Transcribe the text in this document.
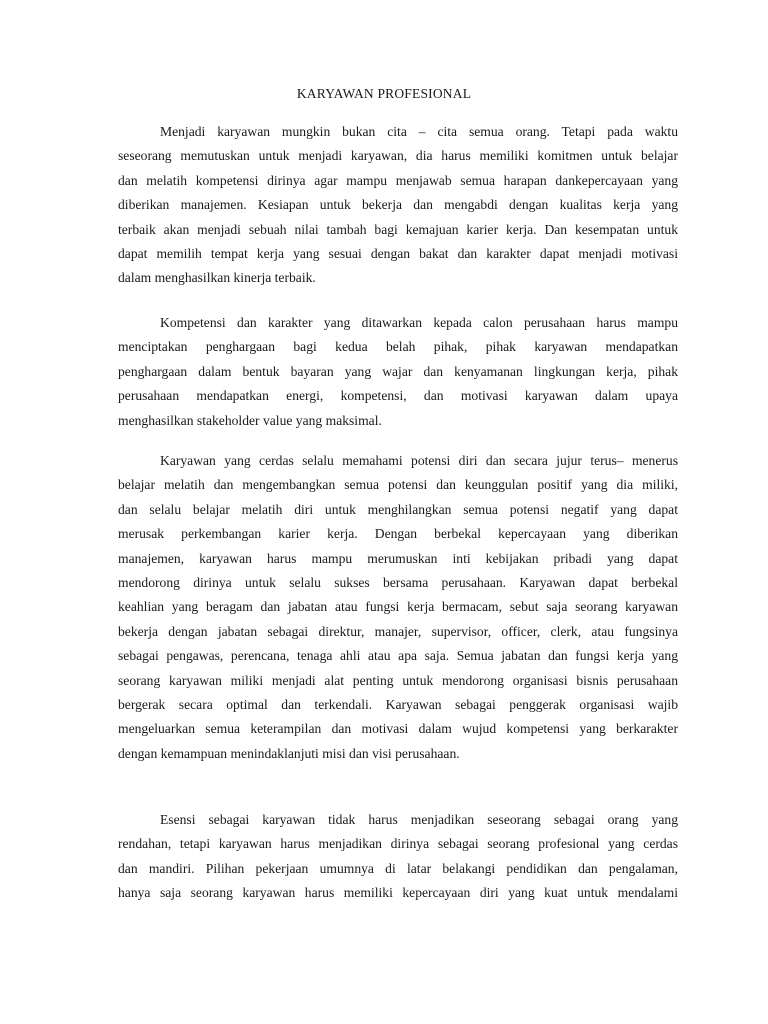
KARYAWAN PROFESIONAL
Menjadi karyawan mungkin bukan cita – cita semua orang. Tetapi pada waktu
seseorang memutuskan untuk menjadi karyawan, dia harus memiliki komitmen untuk belajar
dan melatih kompetensi dirinya agar mampu menjawab semua harapan dankepercayaan yang
diberikan manajemen. Kesiapan untuk bekerja dan mengabdi dengan kualitas kerja yang
terbaik akan menjadi sebuah nilai tambah bagi kemajuan karier kerja. Dan kesempatan untuk
dapat memilih tempat kerja yang sesuai dengan bakat dan karakter dapat menjadi motivasi
dalam menghasilkan kinerja terbaik.
Kompetensi dan karakter yang ditawarkan kepada calon perusahaan harus mampu
menciptakan penghargaan bagi kedua belah pihak, pihak karyawan mendapatkan
penghargaan dalam bentuk bayaran yang wajar dan kenyamanan lingkungan kerja, pihak
perusahaan mendapatkan energi, kompetensi, dan motivasi karyawan dalam upaya
menghasilkan stakeholder value yang maksimal.
Karyawan yang cerdas selalu memahami potensi diri dan secara jujur terus– menerus
belajar melatih dan mengembangkan semua potensi dan keunggulan positif yang dia miliki,
dan selalu belajar melatih diri untuk menghilangkan semua potensi negatif yang dapat
merusak perkembangan karier kerja. Dengan berbekal kepercayaan yang diberikan
manajemen, karyawan harus mampu merumuskan inti kebijakan pribadi yang dapat
mendorong dirinya untuk selalu sukses bersama perusahaan. Karyawan dapat berbekal
keahlian yang beragam dan jabatan atau fungsi kerja bermacam, sebut saja seorang karyawan
bekerja dengan jabatan sebagai direktur, manajer, supervisor, officer, clerk, atau fungsinya
sebagai pengawas, perencana, tenaga ahli atau apa saja. Semua jabatan dan fungsi kerja yang
seorang karyawan miliki menjadi alat penting untuk mendorong organisasi bisnis perusahaan
bergerak secara optimal dan terkendali. Karyawan sebagai penggerak organisasi wajib
mengeluarkan semua keterampilan dan motivasi dalam wujud kompetensi yang berkarakter
dengan kemampuan menindaklanjuti misi dan visi perusahaan.
Esensi sebagai karyawan tidak harus menjadikan seseorang sebagai orang yang
rendahan, tetapi karyawan harus menjadikan dirinya sebagai seorang profesional yang cerdas
dan mandiri. Pilihan pekerjaan umumnya di latar belakangi pendidikan dan pengalaman,
hanya saja seorang karyawan harus memiliki kepercayaan diri yang kuat untuk mendalami
